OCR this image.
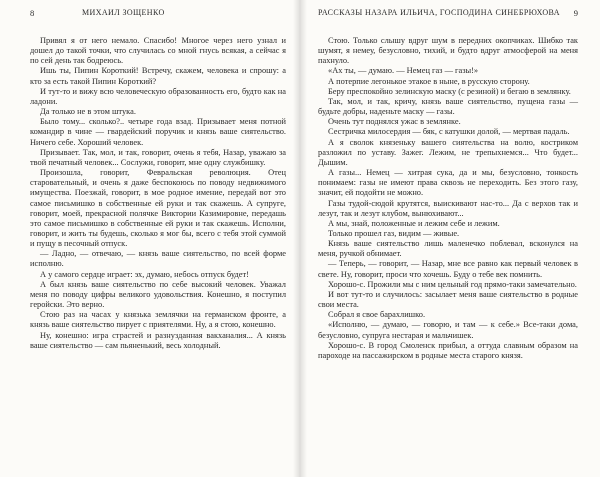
8	МИХАИЛ ЗОЩЕНКО

Привял я от него немало. Спасибо! Многое через него узнал и дошел до такой точки, что случилась со мной гнусь всякая, а сейчас я по сей день так бодреюсь.

Ишь ты, Пипин Короткий! Встречу, скажем, человека и спрошу: а кто за есть такой Пипин Короткий?

И тут-то и вижу всю человеческую образованность его, будто как на ладони.

Да только не в этом штука.

Было тому... сколько?.. четыре года взад. Призывает меня потной командир в чине — гвардейский поручик и князь ваше сиятельство. Ничего себе. Хороший человек.

Призывает. Так, мол, и так, говорит, очень я тебя, Назар, уважаю за твой печатный человек... Сослужи, говорит, мне одну службишку.

Произошла, говорит, Февральская революция. Отец старовательный, и очень я даже беспокоюсь по поводу недвижимого имущества. Поезжай, говорит, в мое родное имение, передай вот это самое письмишко в собственные ей руки и так скажешь. А супруге, говорит, моей, прекрасной полячке Виктории Казимировне, передашь это самое письмишко в собственные ей руки и так скажешь. Исполни, говорит, и жить ты будешь, сколько я мог бы, всего с тебя этой суммой и пущу в песочный отпуск.

— Ладно, — отвечаю, — князь ваше сиятельство, по всей форме исполню.

А у самого сердце играет: эх, думаю, небось отпуск будет!

А был князь ваше сиятельство по себе высокий человек. Уважал меня по поводу цифры великого удовольствия. Конешно, я поступил геройски. Это верно.

Стою раз на часах у князька землячки на германском фронте, а князь ваше сиятельство пирует с приятелями. Ну, а я стою, конешно.

Ну, конешно: игра страстей и разнузданная вакханалия... А князь ваше сиятельство — сам пьяненький, весь холодный.

РАССКАЗЫ НАЗАРА ИЛЬИЧА, ГОСПОДИНА СИНЕБРЮХОВА 9

Стою. Только слышу вдруг шум в передних окопчиках. Шибко так шумят, я немеу, безусловно, тихий, и будто вдруг атмосферой на меня пахнуло.

«Ах ты, — думаю. — Немец газ — газы!»

А потерпие легонькое этакое в ныне, в русскую сторону.

Беру преспокойно зелинскую маску (с резиной) и бегаю в землянку.

Так, мол, и так, кричу, князь ваше сиятельство, пущена газы — будьте добры, наденьте маску — газы.

Очень тут поднялся ужас в землянке.

Сестричка милосердия — бяк, с катушки долой, — мертвая падаль.

А я сволок князеньку вашего сиятельства на волю, костриком разложил по уставу. Зажег. Лежим, не трепыхнемся... Что будет... Дышим.

А газы... Немец — хитрая сука, да и мы, безусловно, тонкость понимаем: газы не имеют права сквозь не переходить. Без этого газу, значит, ей подойти не можно.

Газы тудой-сюдой крутятся, выискивают нас-то... Да с верхов так и лезут, так и лезут клубом, вынюхивают...

А мы, знай, положенные и лежим себе и лежим.

Только прошел газ, видим — живые.

Князь ваше сиятельство лишь маленечко поблевал, всконулся на меня, ручкой обнимает.

— Теперь, — говорит, — Назар, мне все равно как первый человек в свете. Ну, говорит, проси что хочешь. Буду о тебе век помнить.

Хорошо-с. Прожили мы с ним цельный год прямо-таки замечательно.

И вот тут-то и случилось: засылает меня ваше сиятельство в родные свои места.

Собрал я свое барахлишко.

«Исполню, — думаю, — говорю, и там — к себе.» Все-таки дома, безусловно, супруга нестарая и мальчишек.

Хорошо-с. В город Смоленск прибыл, а оттуда славным образом на пароходе на пассажирском в родные места старого князя.
